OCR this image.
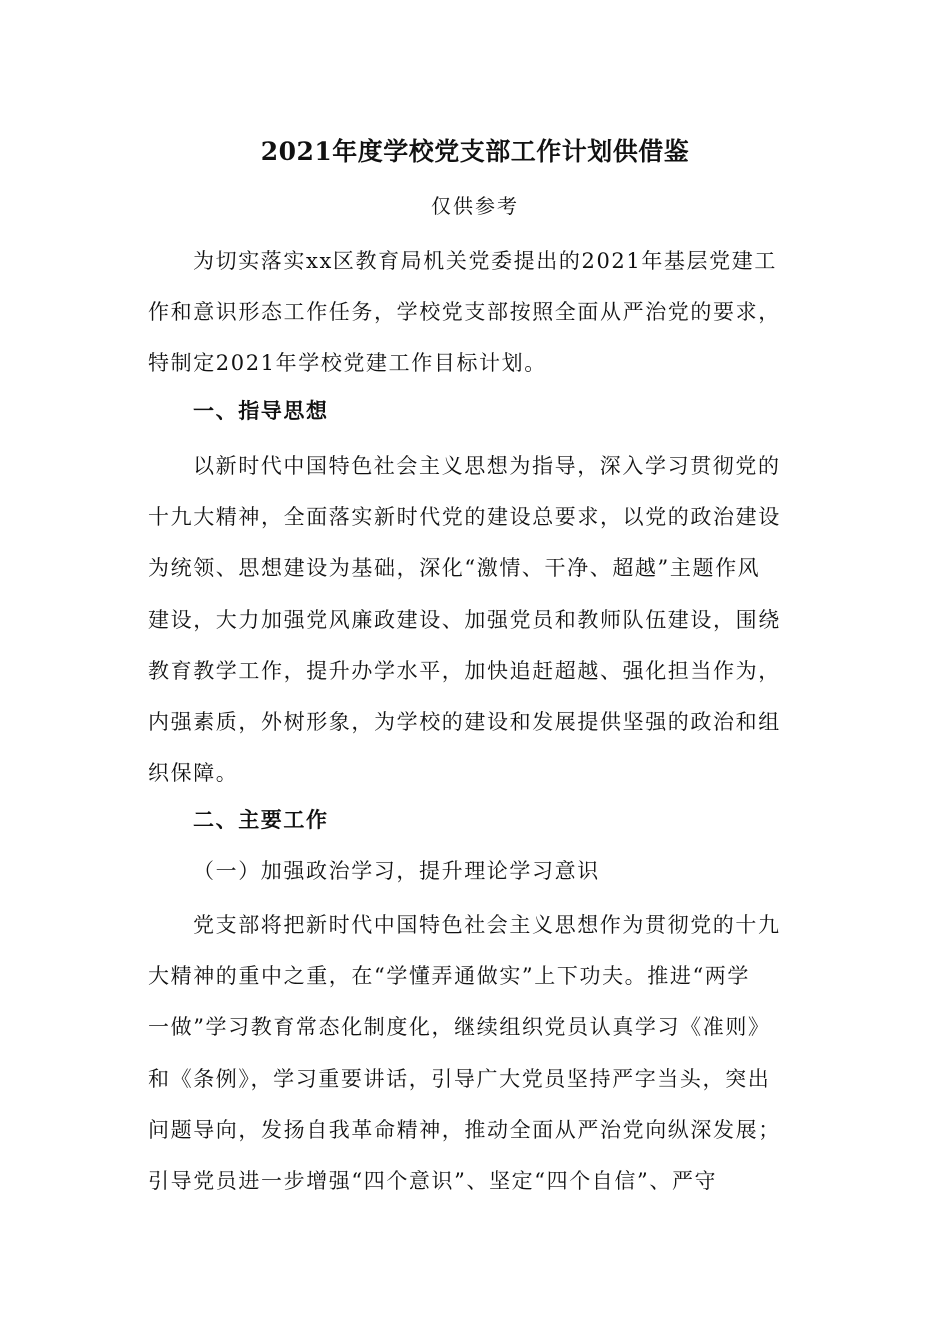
2021年度学校党支部工作计划供借鉴
仅供参考
为切实落实xx区教育局机关党委提出的2021年基层党建工
作和意识形态工作任务，学校党支部按照全面从严治党的要求，
特制定2021年学校党建工作目标计划。
一、指导思想
以新时代中国特色社会主义思想为指导，深入学习贯彻党的
十九大精神，全面落实新时代党的建设总要求，以党的政治建设
为统领、思想建设为基础，深化“激情、干净、超越”主题作风
建设，大力加强党风廉政建设、加强党员和教师队伍建设，围绕
教育教学工作，提升办学水平，加快追赶超越、强化担当作为，
内强素质，外树形象，为学校的建设和发展提供坚强的政治和组
织保障。
二、主要工作
（一）加强政治学习，提升理论学习意识
党支部将把新时代中国特色社会主义思想作为贯彻党的十九
大精神的重中之重，在“学懂弄通做实”上下功夫。推进“两学
一做”学习教育常态化制度化，继续组织党员认真学习《准则》
和《条例》，学习重要讲话，引导广大党员坚持严字当头，突出
问题导向，发扬自我革命精神，推动全面从严治党向纵深发展；
引导党员进一步增强“四个意识”、坚定“四个自信”、严守
